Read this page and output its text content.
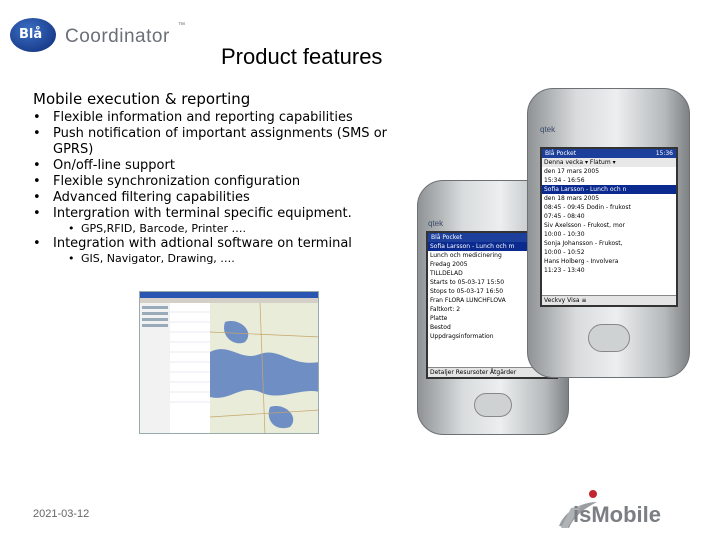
Blå Coordinator
™
Product features
Mobile execution & reporting
• Flexible information and reporting capabilities
• Push notification of important assignments (SMS or GPRS)
• On/off-line support
• Flexible synchronization configuration
• Advanced filtering capabilities
• Intergration with terminal specific equipment.
• GPS,RFID, Barcode, Printer ….
• Integration with adtional software on terminal
• GIS, Navigator, Drawing, ….
qtek
Blå Pocket
Sofia Larsson - Lunch och m
Lunch och medicinering
Fredag 2005
TILLDELAD
Starts to 05-03-17 15:50
Stops to 05-03-17 16:50
Fran FLORA LUNCHFLOVA
Faltkort: 2
Platte
Bestod
Uppdragsinformation
Detaljer Resursoter Åtgärder
qtek
Blå Pocket	15:36
Denna vecka ▾ Flatum ▾
den 17 mars 2005
15:34 - 16:56
Sofia Larsson - Lunch och n
den 18 mars 2005
08:45 - 09:45 Dodin - frukost
07:45 - 08:40
Siv Axelsson - Frukost, mor
10:00 - 10:30
Sonja Johansson - Frukost,
10:00 - 10:52
Hans Holberg - Involvera
11:23 - 13:40
Veckvy Visa ≡
2021-03-12	isMobile
